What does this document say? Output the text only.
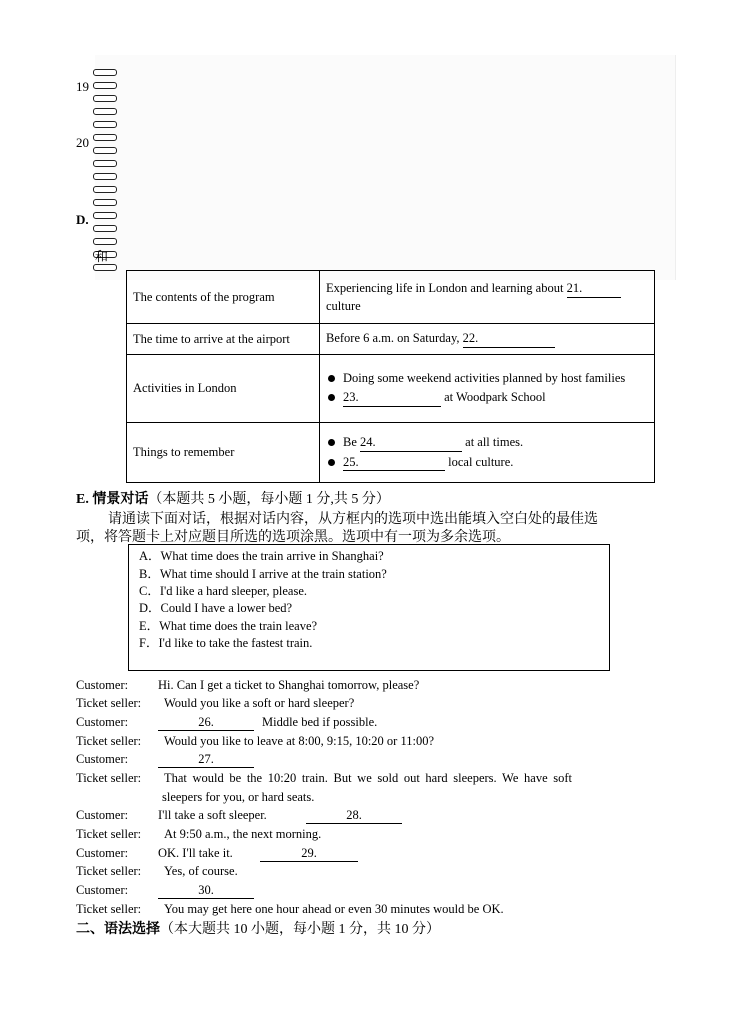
19
20
D.
和
The contents of the program	Experiencing life in London and learning about 21.
culture
The time to arrive at the airport	Before 6 a.m. on Saturday, 22.
Activities in London	Doing some weekend activities planned by host families
23. at Woodpark School

Things to remember	Be 24. at all times.
25. local culture.
E. 情景对话（本题共 5 小题，每小题 1 分,共 5 分）
请通读下面对话，根据对话内容，从方框内的选项中选出能填入空白处的最佳选
项，将答题卡上对应题目所选的选项涂黑。选项中有一项为多余选项。
A．What time does the train arrive in Shanghai?
B．What time should I arrive at the train station?
C．I'd like a hard sleeper, please.
D．Could I have a lower bed?
E．What time does the train leave?
F．I'd like to take the fastest train.
Customer: Hi. Can I get a ticket to Shanghai tomorrow, please?
Ticket seller: Would you like a soft or hard sleeper?
Customer:	26.	Middle bed if possible.
Ticket seller: Would you like to leave at 8:00, 9:15, 10:20 or 11:00?
Customer:	27.
Ticket seller: That would be the 10:20 train. But we sold out hard sleepers. We have soft
sleepers for you, or hard seats.
Customer: I'll take a soft sleeper.	28.
Ticket seller: At 9:50 a.m., the next morning.
Customer: OK. I'll take it.	29.
Ticket seller: Yes, of course.
Customer:	30.
Ticket seller: You may get here one hour ahead or even 30 minutes would be OK.
二、语法选择（本大题共 10 小题，每小题 1 分，共 10 分）
